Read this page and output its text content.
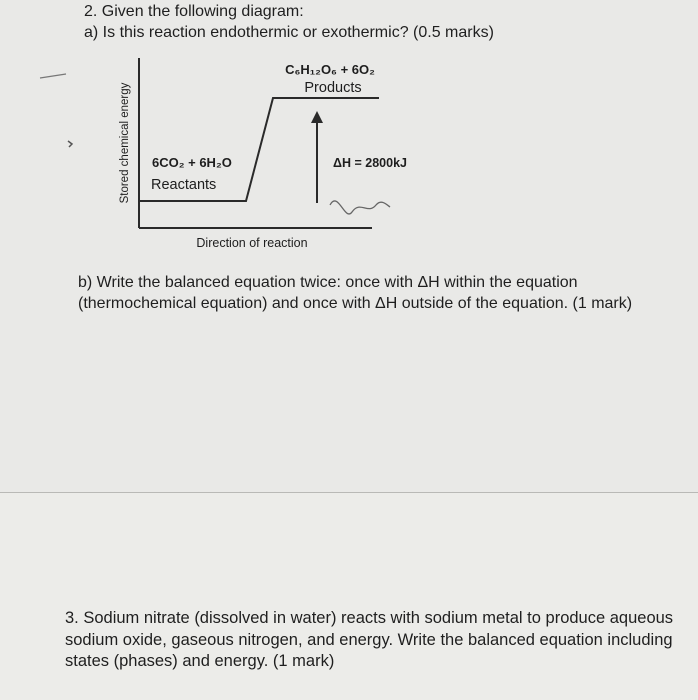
2. Given the following diagram:
a) Is this reaction endothermic or exothermic? (0.5 marks)
Stored chemical energy
Direction of reaction
C₆H₁₂O₆ + 6O₂
Products
6CO₂ + 6H₂O
Reactants
ΔH = 2800kJ
b) Write the balanced equation twice: once with ΔH within the equation
(thermochemical equation) and once with ΔH outside of the equation. (1 mark)
3. Sodium nitrate (dissolved in water) reacts with sodium metal to produce aqueous
sodium oxide, gaseous nitrogen, and energy. Write the balanced equation including
states (phases) and energy. (1 mark)
